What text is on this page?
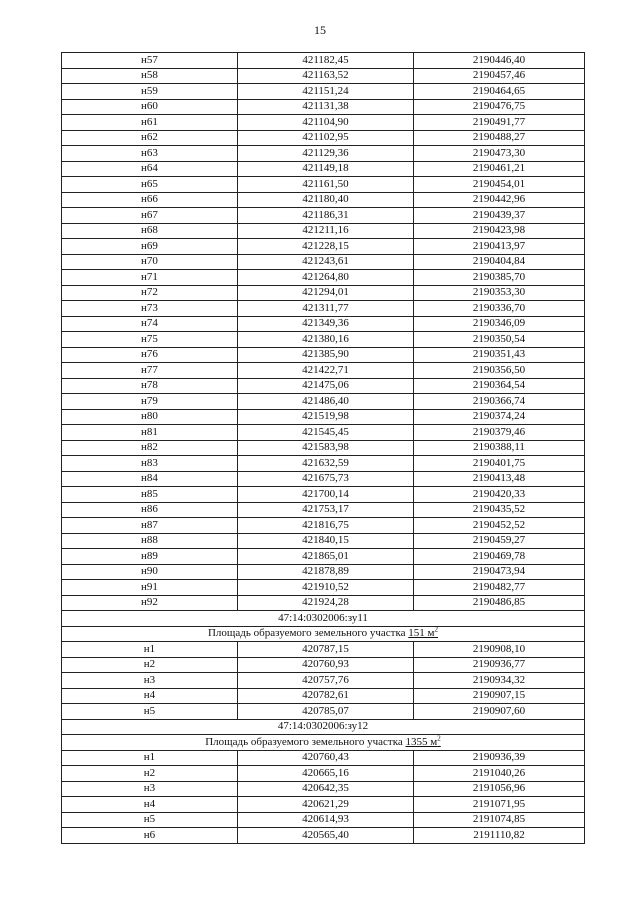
15
н57	421182,45	2190446,40
н58	421163,52	2190457,46
н59	421151,24	2190464,65
н60	421131,38	2190476,75
н61	421104,90	2190491,77
н62	421102,95	2190488,27
н63	421129,36	2190473,30
н64	421149,18	2190461,21
н65	421161,50	2190454,01
н66	421180,40	2190442,96
н67	421186,31	2190439,37
н68	421211,16	2190423,98
н69	421228,15	2190413,97
н70	421243,61	2190404,84
н71	421264,80	2190385,70
н72	421294,01	2190353,30
н73	421311,77	2190336,70
н74	421349,36	2190346,09
н75	421380,16	2190350,54
н76	421385,90	2190351,43
н77	421422,71	2190356,50
н78	421475,06	2190364,54
н79	421486,40	2190366,74
н80	421519,98	2190374,24
н81	421545,45	2190379,46
н82	421583,98	2190388,11
н83	421632,59	2190401,75
н84	421675,73	2190413,48
н85	421700,14	2190420,33
н86	421753,17	2190435,52
н87	421816,75	2190452,52
н88	421840,15	2190459,27
н89	421865,01	2190469,78
н90	421878,89	2190473,94
н91	421910,52	2190482,77
н92	421924,28	2190486,85
47:14:0302006:зу11		
Площадь образуемого земельного участка 151 $м^2$
н1	420787,15	2190908,10
н2	420760,93	2190936,77
н3	420757,76	2190934,32
н4	420782,61	2190907,15
н5	420785,07	2190907,60
47:14:0302006:зу12		
Площадь образуемого земельного участка 1355 $м^2$
н1	420760,43	2190936,39
н2	420665,16	2191040,26
н3	420642,35	2191056,96
н4	420621,29	2191071,95
н5	420614,93	2191074,85
н6	420565,40	2191110,82
